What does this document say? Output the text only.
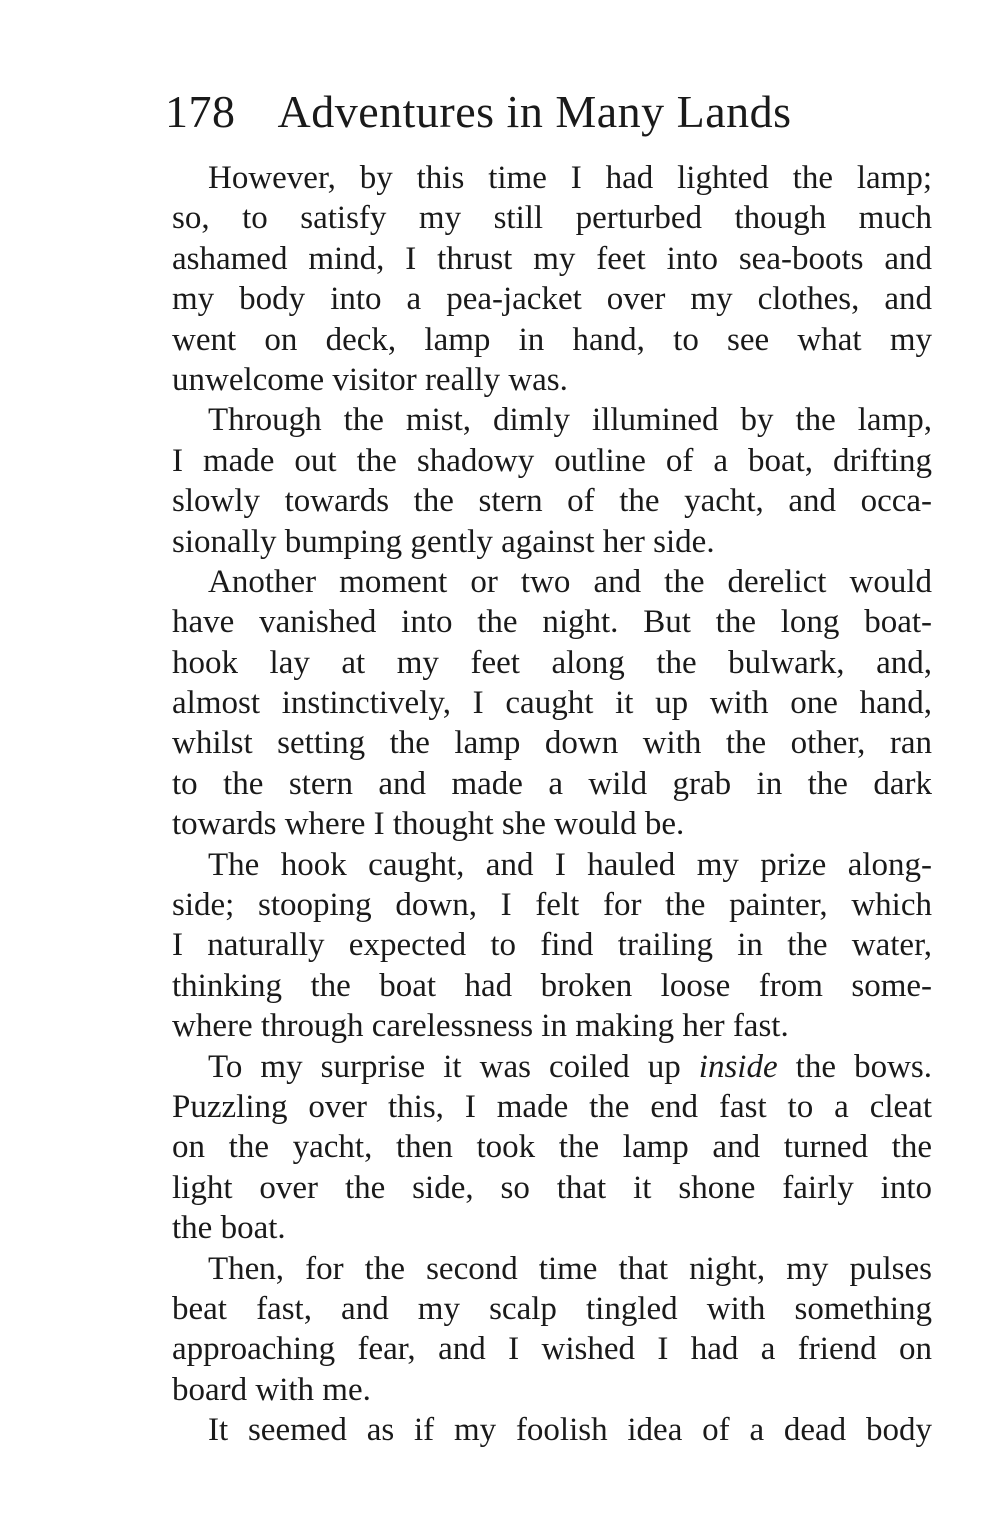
178 Adventures in Many Lands
However, by this time I had lighted the lamp;
so, to satisfy my still perturbed though much
ashamed mind, I thrust my feet into sea-boots and
my body into a pea-jacket over my clothes, and
went on deck, lamp in hand, to see what my
unwelcome visitor really was.
Through the mist, dimly illumined by the lamp,
I made out the shadowy outline of a boat, drifting
slowly towards the stern of the yacht, and occa-
sionally bumping gently against her side.
Another moment or two and the derelict would
have vanished into the night. But the long boat-
hook lay at my feet along the bulwark, and,
almost instinctively, I caught it up with one hand,
whilst setting the lamp down with the other, ran
to the stern and made a wild grab in the dark
towards where I thought she would be.
The hook caught, and I hauled my prize along-
side; stooping down, I felt for the painter, which
I naturally expected to find trailing in the water,
thinking the boat had broken loose from some-
where through carelessness in making her fast.
To my surprise it was coiled up inside the bows.
Puzzling over this, I made the end fast to a cleat
on the yacht, then took the lamp and turned the
light over the side, so that it shone fairly into
the boat.
Then, for the second time that night, my pulses
beat fast, and my scalp tingled with something
approaching fear, and I wished I had a friend on
board with me.
It seemed as if my foolish idea of a dead body
